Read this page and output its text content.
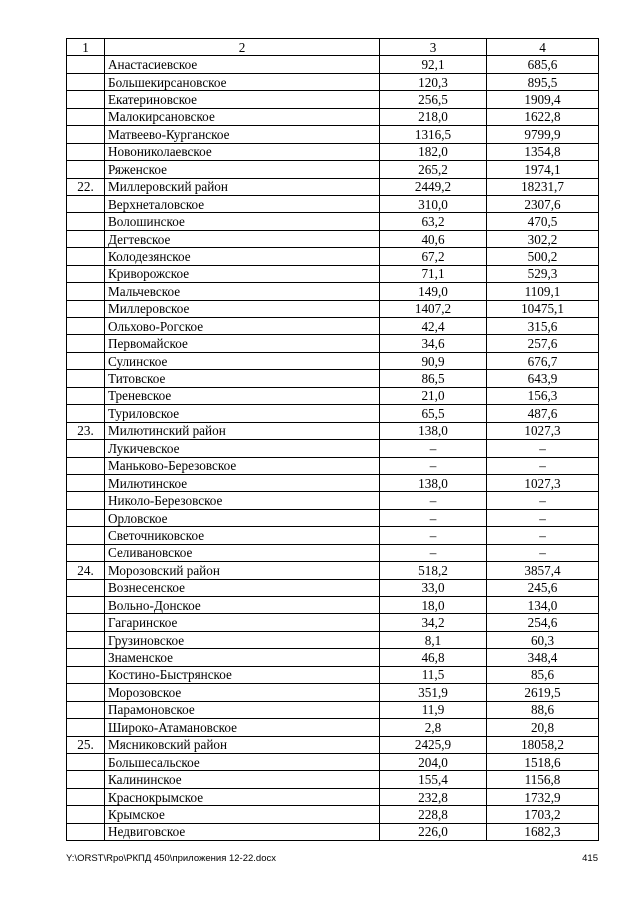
1	2	3	4
	Анастасиевское	92,1	685,6
	Большекирсановское	120,3	895,5
	Екатериновское	256,5	1909,4
	Малокирсановское	218,0	1622,8
	Матвеево-Курганское	1316,5	9799,9
	Новониколаевское	182,0	1354,8
	Ряженское	265,2	1974,1
22.	Миллеровский район	2449,2	18231,7
	Верхнеталовское	310,0	2307,6
	Волошинское	63,2	470,5
	Дегтевское	40,6	302,2
	Колодезянское	67,2	500,2
	Криворожское	71,1	529,3
	Мальчевское	149,0	1109,1
	Миллеровское	1407,2	10475,1
	Ольхово-Рогское	42,4	315,6
	Первомайское	34,6	257,6
	Сулинское	90,9	676,7
	Титовское	86,5	643,9
	Треневское	21,0	156,3
	Туриловское	65,5	487,6
23.	Милютинский район	138,0	1027,3
	Лукичевское	–	–
	Маньково-Березовское	–	–
	Милютинское	138,0	1027,3
	Николо-Березовское	–	–
	Орловское	–	–
	Светочниковское	–	–
	Селивановское	–	–
24.	Морозовский район	518,2	3857,4
	Вознесенское	33,0	245,6
	Вольно-Донское	18,0	134,0
	Гагаринское	34,2	254,6
	Грузиновское	8,1	60,3
	Знаменское	46,8	348,4
	Костино-Быстрянское	11,5	85,6
	Морозовское	351,9	2619,5
	Парамоновское	11,9	88,6
	Широко-Атамановское	2,8	20,8
25.	Мясниковский район	2425,9	18058,2
	Большесальское	204,0	1518,6
	Калининское	155,4	1156,8
	Краснокрымское	232,8	1732,9
	Крымское	228,8	1703,2
	Недвиговское	226,0	1682,3
Y:\ORST\Rpo\РКПД 450\приложения 12-22.docx	415
